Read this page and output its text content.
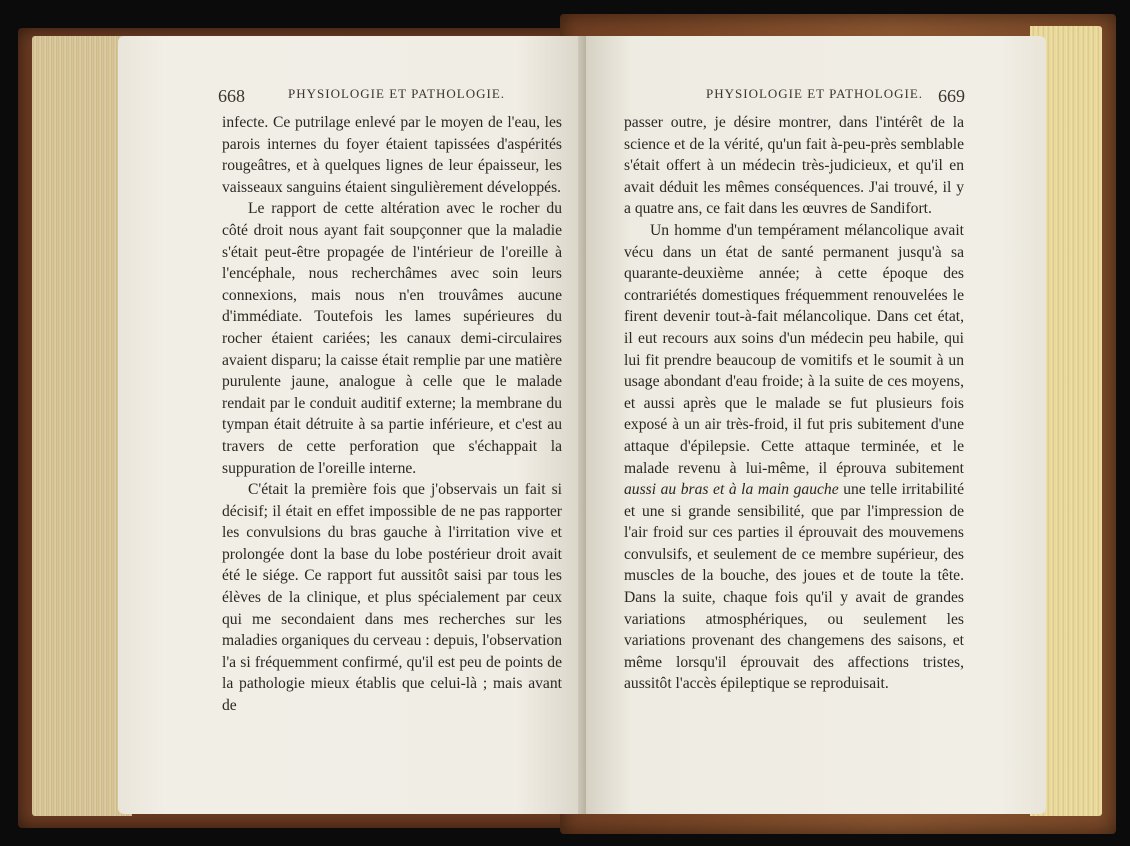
668	PHYSIOLOGIE ET PATHOLOGIE.

infecte. Ce putrilage enlevé par le moyen de l'eau, les parois internes du foyer étaient tapissées d'aspérités rougeâtres, et à quelques lignes de leur épaisseur, les vaisseaux sanguins étaient singulièrement développés.

Le rapport de cette altération avec le rocher du côté droit nous ayant fait soupçonner que la maladie s'était peut-être propagée de l'intérieur de l'oreille à l'encéphale, nous recherchâmes avec soin leurs connexions, mais nous n'en trouvâmes aucune d'immédiate. Toutefois les lames supérieures du rocher étaient cariées; les canaux demi-circulaires avaient disparu; la caisse était remplie par une matière purulente jaune, analogue à celle que le malade rendait par le conduit auditif externe; la membrane du tympan était détruite à sa partie inférieure, et c'est au travers de cette perforation que s'échappait la suppuration de l'oreille interne.

C'était la première fois que j'observais un fait si décisif; il était en effet impossible de ne pas rapporter les convulsions du bras gauche à l'irritation vive et prolongée dont la base du lobe postérieur droit avait été le siége. Ce rapport fut aussitôt saisi par tous les élèves de la clinique, et plus spécialement par ceux qui me secondaient dans mes recherches sur les maladies organiques du cerveau : depuis, l'observation l'a si fréquemment confirmé, qu'il est peu de points de la pathologie mieux établis que celui-là ; mais avant de

PHYSIOLOGIE ET PATHOLOGIE. 669

passer outre, je désire montrer, dans l'intérêt de la science et de la vérité, qu'un fait à-peu-près semblable s'était offert à un médecin très-judicieux, et qu'il en avait déduit les mêmes conséquences. J'ai trouvé, il y a quatre ans, ce fait dans les œuvres de Sandifort.

Un homme d'un tempérament mélancolique avait vécu dans un état de santé permanent jusqu'à sa quarante-deuxième année; à cette époque des contrariétés domestiques fréquemment renouvelées le firent devenir tout-à-fait mélancolique. Dans cet état, il eut recours aux soins d'un médecin peu habile, qui lui fit prendre beaucoup de vomitifs et le soumit à un usage abondant d'eau froide; à la suite de ces moyens, et aussi après que le malade se fut plusieurs fois exposé à un air très-froid, il fut pris subitement d'une attaque d'épilepsie. Cette attaque terminée, et le malade revenu à lui-même, il éprouva subitement aussi au bras et à la main gauche une telle irritabilité et une si grande sensibilité, que par l'impression de l'air froid sur ces parties il éprouvait des mouvemens convulsifs, et seulement de ce membre supérieur, des muscles de la bouche, des joues et de toute la tête. Dans la suite, chaque fois qu'il y avait de grandes variations atmosphériques, ou seulement les variations provenant des changemens des saisons, et même lorsqu'il éprouvait des affections tristes, aussitôt l'accès épileptique se reproduisait.
